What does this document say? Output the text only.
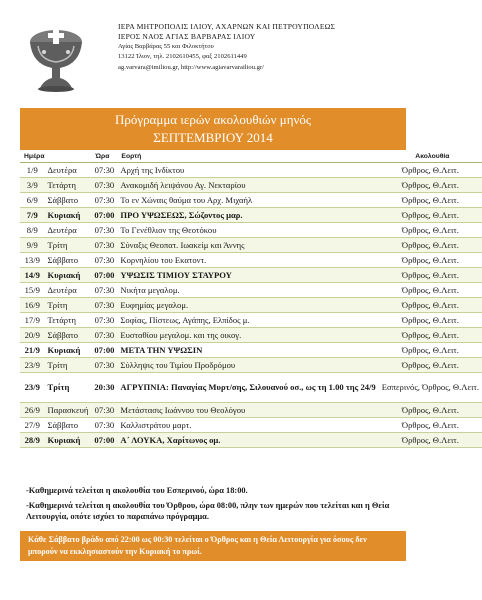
ΙΕΡΑ ΜΗΤΡΟΠΟΛΙΣ ΙΛΙΟΥ, ΑΧΑΡΝΩΝ ΚΑΙ ΠΕΤΡΟΥΠΟΛΕΩΣ
ΙΕΡΟΣ ΝΑΟΣ ΑΓΙΑΣ ΒΑΡΒΑΡΑΣ ΙΛΙΟΥ
Αγίας Βαρβάρας 55 και Φιλοκτήτου
13122 Ίλιον, τηλ. 2102610455, φαξ 2102611449
ag.varvara@imiliou.gr, http://www.agiavarvarailiou.gr/
Πρόγραμμα ιερών ακολουθιών μηνός
ΣΕΠΤΕΜΒΡΙΟΥ 2014
Ημέρα		Ώρα	Εορτή	Ακολουθία
1/9	Δευτέρα	07:30	Αρχή της Ινδίκτου	Όρθρος, Θ.Λειτ.
3/9	Τετάρτη	07:30	Ανακομιδή λειψάνου Αγ. Νεκταρίου	Όρθρος, Θ.Λειτ.
6/9	Σάββατο	07:30	Το εν Χώναις θαύμα του Αρχ. Μιχαήλ	Όρθρος, Θ.Λειτ.
7/9	Κυριακή	07:00	ΠΡΟ ΥΨΩΣΕΩΣ, Σώζοντος μαρ.	Όρθρος, Θ.Λειτ.
8/9	Δευτέρα	07:30	Το Γενέθλιον της Θεοτόκου	Όρθρος, Θ.Λειτ.
9/9	Τρίτη	07:30	Σύναξις Θεοπατ. Ιωακείμ και Άννης	Όρθρος, Θ.Λειτ.
13/9	Σάββατο	07:30	Κορνηλίου του Εκατοντ.	Όρθρος, Θ.Λειτ.
14/9	Κυριακή	07:00	ΥΨΩΣΙΣ ΤΙΜΙΟΥ ΣΤΑΥΡΟΥ	Όρθρος, Θ.Λειτ.
15/9	Δευτέρα	07:30	Νικήτα μεγαλομ.	Όρθρος, Θ.Λειτ.
16/9	Τρίτη	07:30	Ευφημίας μεγαλομ.	Όρθρος, Θ.Λειτ.
17/9	Τετάρτη	07:30	Σοφίας, Πίστεως, Αγάπης, Ελπίδος μ.	Όρθρος, Θ.Λειτ.
20/9	Σάββατο	07:30	Ευσταθίου μεγαλομ. και της οικογ.	Όρθρος, Θ.Λειτ.
21/9	Κυριακή	07:00	ΜΕΤΑ ΤΗΝ ΥΨΩΣΙΝ	Όρθρος, Θ.Λειτ.
23/9	Τρίτη	07:30	Σύλληψις του Τιμίου Προδρόμου	Όρθρος, Θ.Λειτ.
23/9	Τρίτη	20:30	ΑΓΡΥΠΝΙΑ: Παναγίας Μυρτ/σης, Σιλουανού οσ., ως τη 1.00 της 24/9	Εσπερινός, Όρθρος, Θ.Λειτ.
26/9	Παρασκευή	07:30	Μετάστασις Ιωάννου του Θεολόγου	Όρθρος, Θ.Λειτ.
27/9	Σάββατο	07:30	Καλλιστράτου μαρτ.	Όρθρος, Θ.Λειτ.
28/9	Κυριακή	07:00	Α΄ ΛΟΥΚΑ, Χαρίτωνος ομ.	Όρθρος, Θ.Λειτ.

-Καθημερινά τελείται η ακολουθία του Εσπερινού, ώρα 18:00.

-Καθημερινά τελείται η ακολουθία του Όρθρου, ώρα 08:00, πλην των ημερών που τελείται και η Θεία Λειτουργία, οπότε ισχύει το παραπάνω πρόγραμμα.

Κάθε Σάββατο βράδυ από 22:00 ως 00:30 τελείται ο Όρθρος και η Θεία Λειτουργία για όσους δεν μπορούν να εκκλησιαστούν την Κυριακή το πρωί.
